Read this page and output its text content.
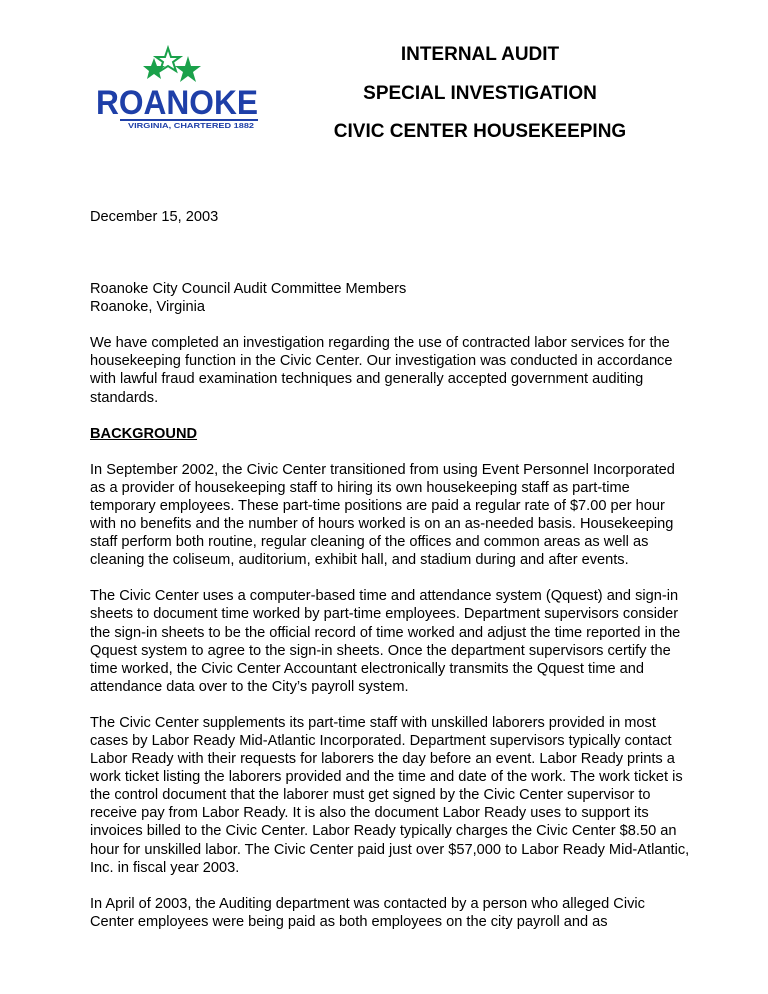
ROANOKE
VIRGINIA, CHARTERED 1882
INTERNAL AUDIT
SPECIAL INVESTIGATION
CIVIC CENTER HOUSEKEEPING

December 15, 2003

Roanoke City Council Audit Committee Members

Roanoke, Virginia

We have completed an investigation regarding the use of contracted labor services for the housekeeping function in the Civic Center. Our investigation was conducted in accordance with lawful fraud examination techniques and generally accepted government auditing standards.

BACKGROUND

In September 2002, the Civic Center transitioned from using Event Personnel Incorporated as a provider of housekeeping staff to hiring its own housekeeping staff as part-time temporary employees. These part-time positions are paid a regular rate of $7.00 per hour with no benefits and the number of hours worked is on an as-needed basis. Housekeeping staff perform both routine, regular cleaning of the offices and common areas as well as cleaning the coliseum, auditorium, exhibit hall, and stadium during and after events.

The Civic Center uses a computer-based time and attendance system (Qquest) and sign-in sheets to document time worked by part-time employees. Department supervisors consider the sign-in sheets to be the official record of time worked and adjust the time reported in the Qquest system to agree to the sign-in sheets. Once the department supervisors certify the time worked, the Civic Center Accountant electronically transmits the Qquest time and attendance data over to the City’s payroll system.

The Civic Center supplements its part-time staff with unskilled laborers provided in most cases by Labor Ready Mid-Atlantic Incorporated. Department supervisors typically contact Labor Ready with their requests for laborers the day before an event. Labor Ready prints a work ticket listing the laborers provided and the time and date of the work. The work ticket is the control document that the laborer must get signed by the Civic Center supervisor to receive pay from Labor Ready. It is also the document Labor Ready uses to support its invoices billed to the Civic Center. Labor Ready typically charges the Civic Center $8.50 an hour for unskilled labor. The Civic Center paid just over $57,000 to Labor Ready Mid-Atlantic, Inc. in fiscal year 2003.

In April of 2003, the Auditing department was contacted by a person who alleged Civic Center employees were being paid as both employees on the city payroll and as
